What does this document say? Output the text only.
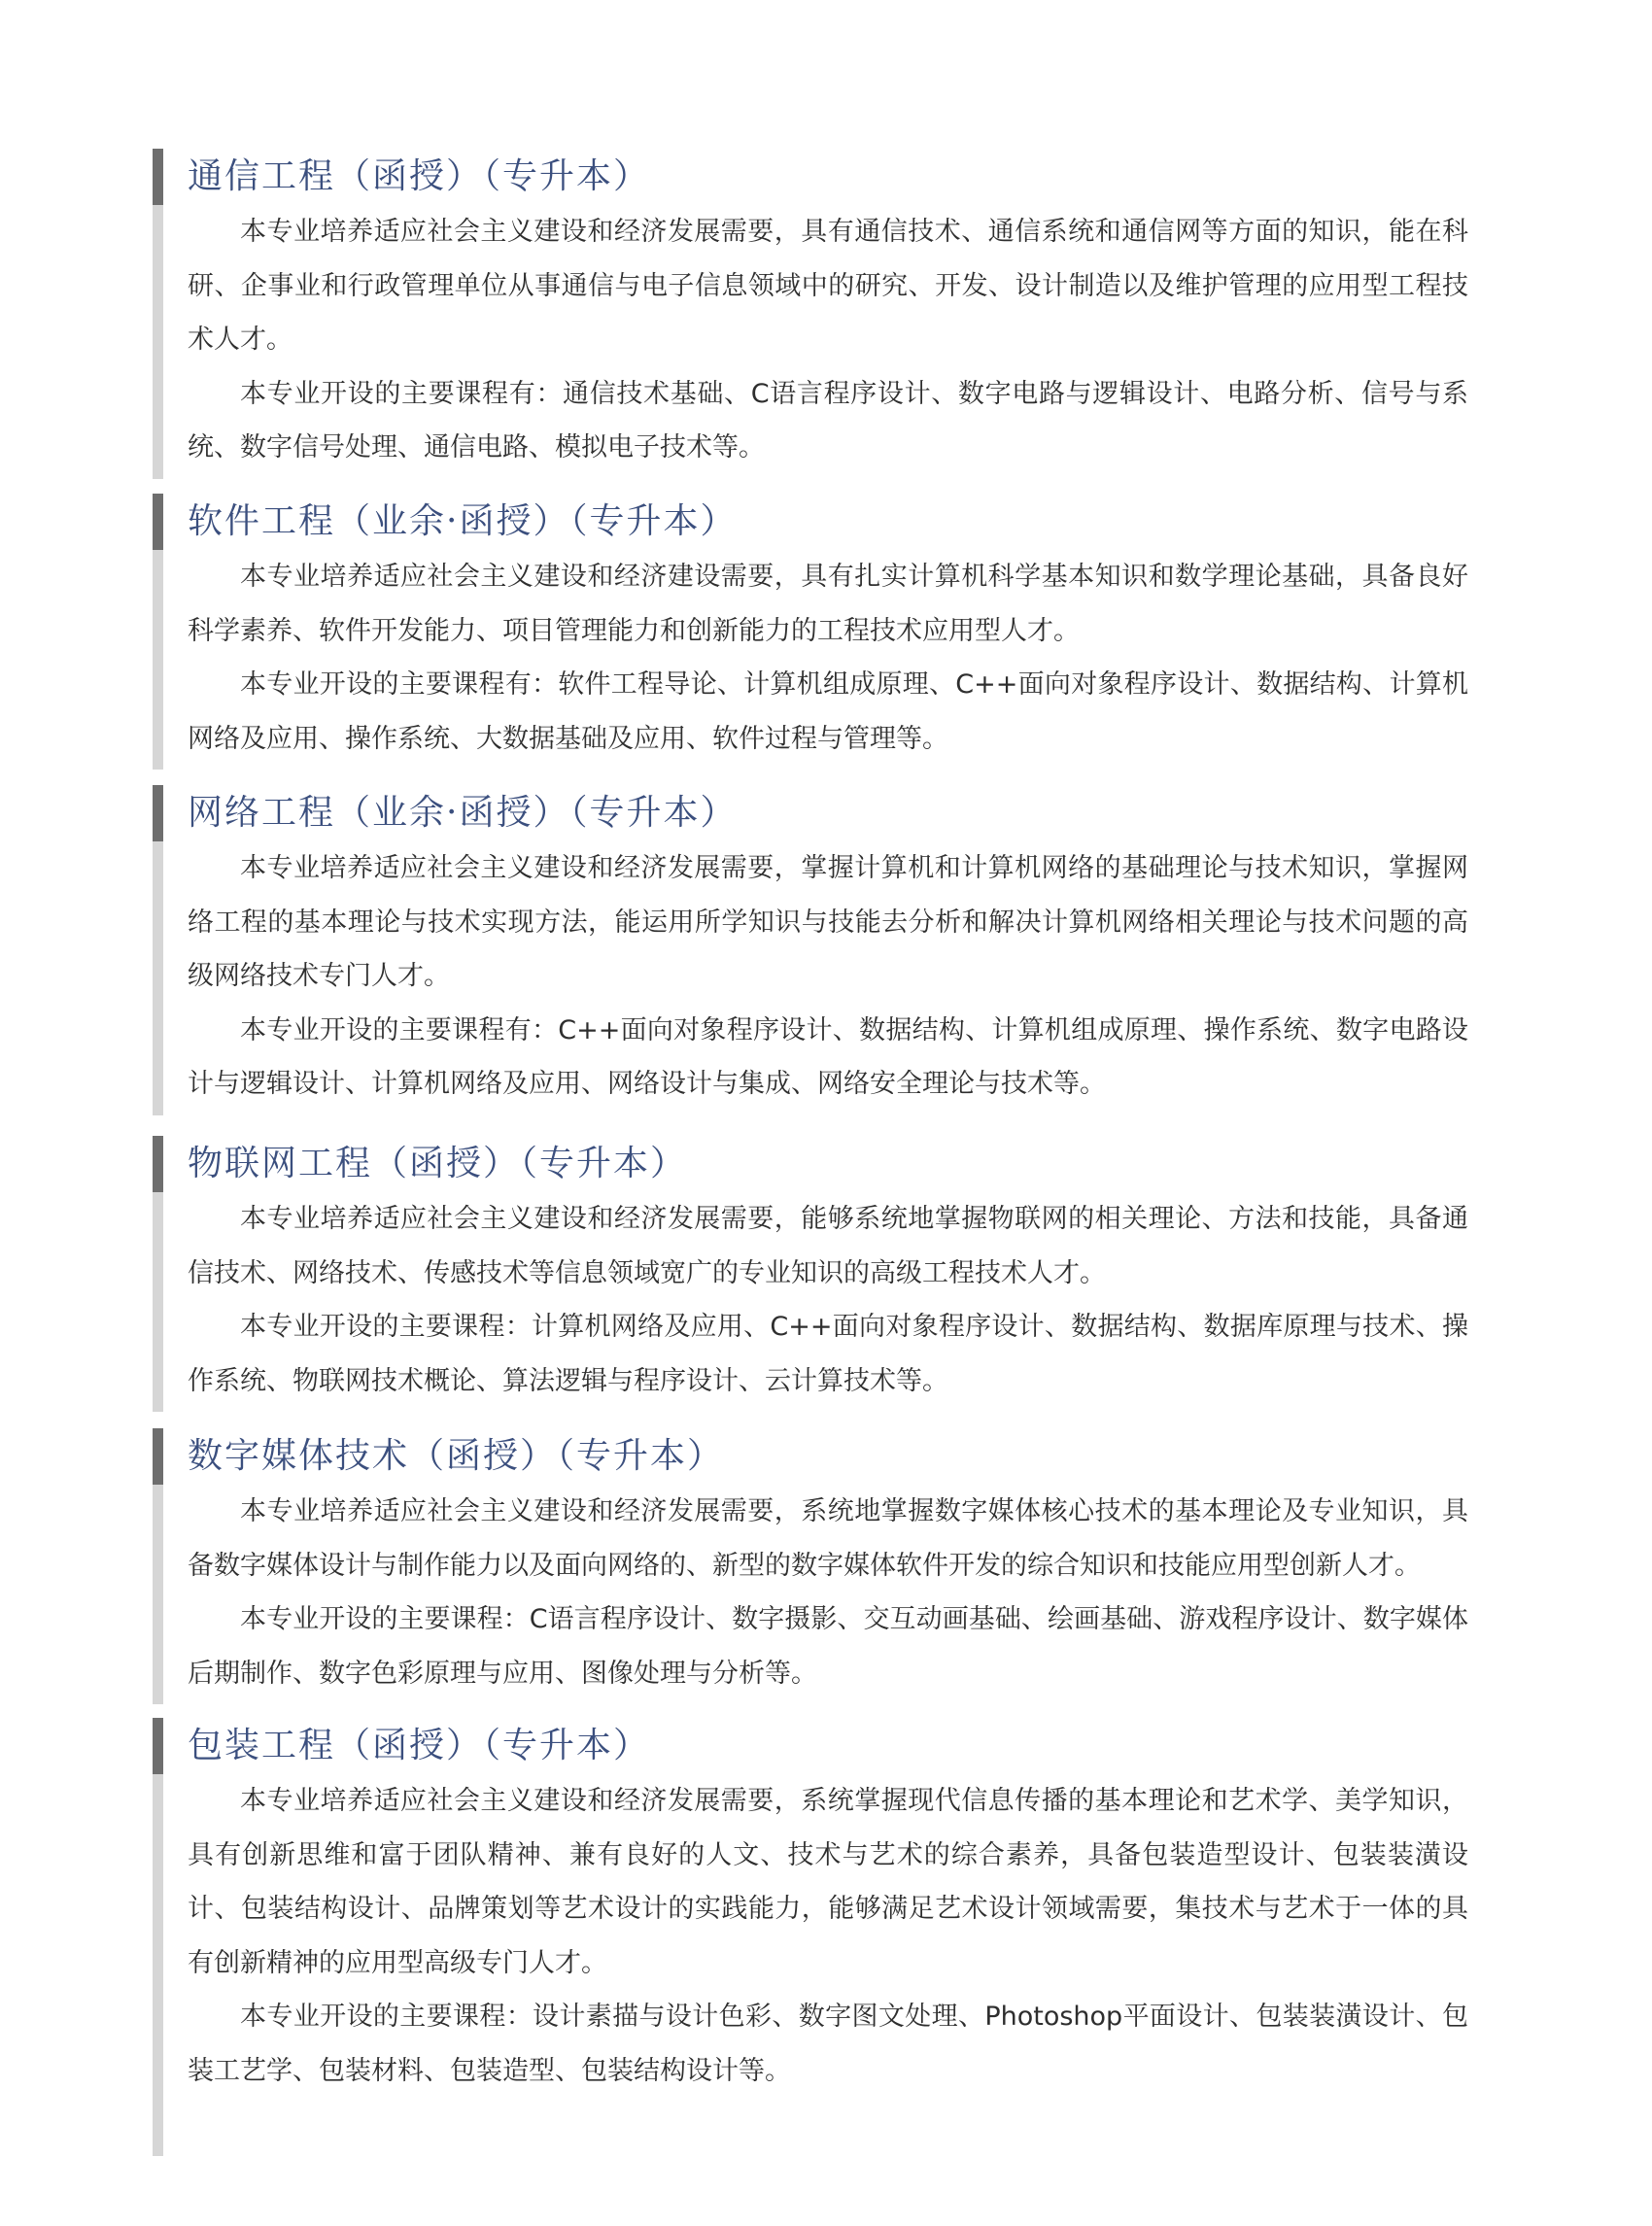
通信工程（函授）（专升本）

本专业培养适应社会主义建设和经济发展需要，具有通信技术、通信系统和通信网等方面的知识，能在科研、企事业和行政管理单位从事通信与电子信息领域中的研究、开发、设计制造以及维护管理的应用型工程技术人才。

本专业开设的主要课程有：通信技术基础、C语言程序设计、数字电路与逻辑设计、电路分析、信号与系统、数字信号处理、通信电路、模拟电子技术等。

软件工程（业余·函授）（专升本）

本专业培养适应社会主义建设和经济建设需要，具有扎实计算机科学基本知识和数学理论基础，具备良好科学素养、软件开发能力、项目管理能力和创新能力的工程技术应用型人才。

本专业开设的主要课程有：软件工程导论、计算机组成原理、C++面向对象程序设计、数据结构、计算机网络及应用、操作系统、大数据基础及应用、软件过程与管理等。

网络工程（业余·函授）（专升本）

本专业培养适应社会主义建设和经济发展需要，掌握计算机和计算机网络的基础理论与技术知识，掌握网络工程的基本理论与技术实现方法，能运用所学知识与技能去分析和解决计算机网络相关理论与技术问题的高级网络技术专门人才。

本专业开设的主要课程有：C++面向对象程序设计、数据结构、计算机组成原理、操作系统、数字电路设计与逻辑设计、计算机网络及应用、网络设计与集成、网络安全理论与技术等。

物联网工程（函授）（专升本）

本专业培养适应社会主义建设和经济发展需要，能够系统地掌握物联网的相关理论、方法和技能，具备通信技术、网络技术、传感技术等信息领域宽广的专业知识的高级工程技术人才。

本专业开设的主要课程：计算机网络及应用、C++面向对象程序设计、数据结构、数据库原理与技术、操作系统、物联网技术概论、算法逻辑与程序设计、云计算技术等。

数字媒体技术（函授）（专升本）

本专业培养适应社会主义建设和经济发展需要，系统地掌握数字媒体核心技术的基本理论及专业知识，具备数字媒体设计与制作能力以及面向网络的、新型的数字媒体软件开发的综合知识和技能应用型创新人才。

本专业开设的主要课程：C语言程序设计、数字摄影、交互动画基础、绘画基础、游戏程序设计、数字媒体后期制作、数字色彩原理与应用、图像处理与分析等。

包装工程（函授）（专升本）

本专业培养适应社会主义建设和经济发展需要，系统掌握现代信息传播的基本理论和艺术学、美学知识，具有创新思维和富于团队精神、兼有良好的人文、技术与艺术的综合素养，具备包装造型设计、包装装潢设计、包装结构设计、品牌策划等艺术设计的实践能力，能够满足艺术设计领域需要，集技术与艺术于一体的具有创新精神的应用型高级专门人才。

本专业开设的主要课程：设计素描与设计色彩、数字图文处理、Photoshop平面设计、包装装潢设计、包装工艺学、包装材料、包装造型、包装结构设计等。
